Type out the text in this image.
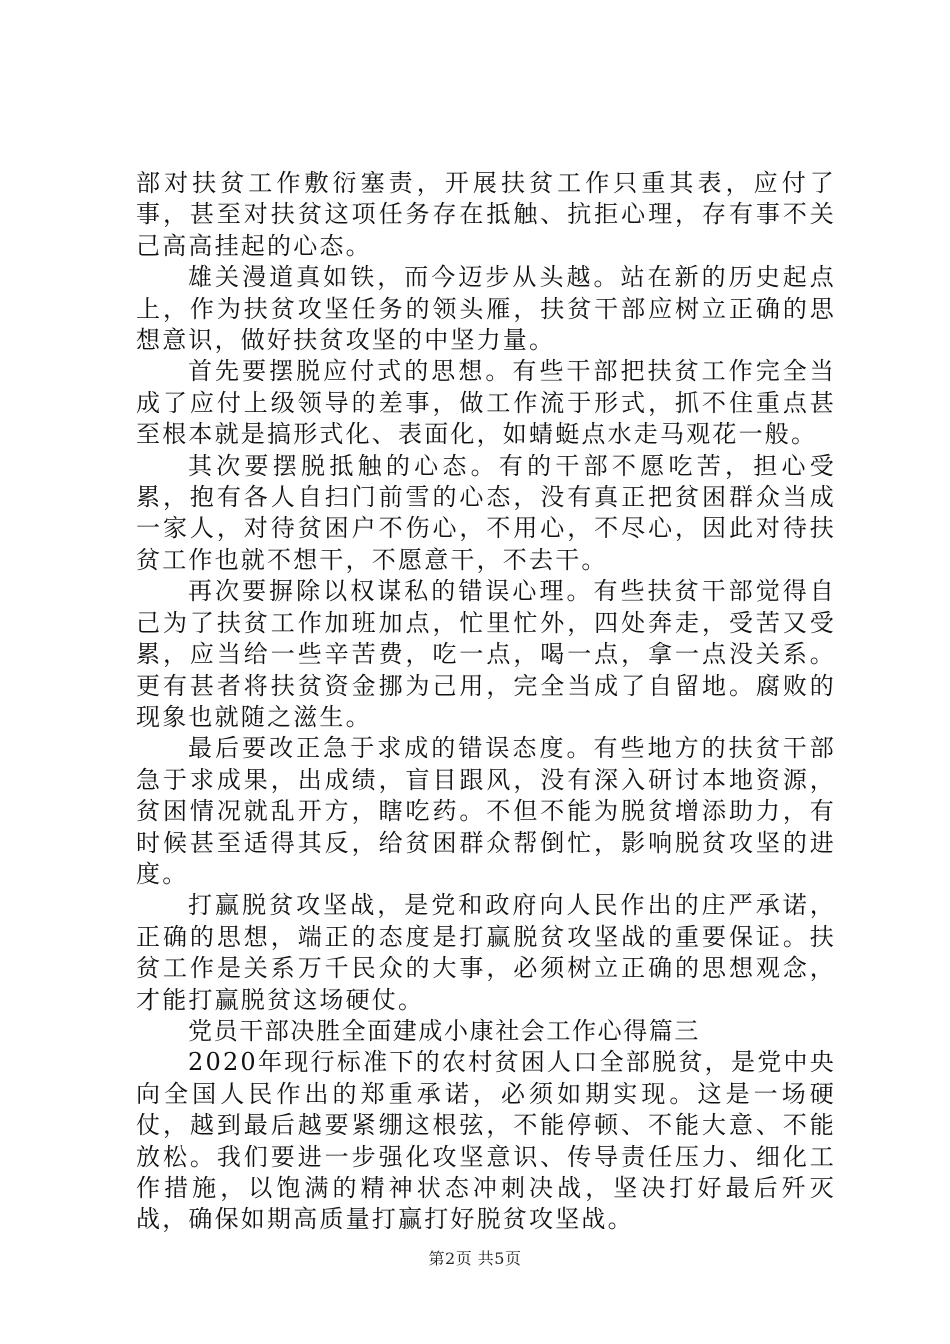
部对扶贫工作敷衍塞责，开展扶贫工作只重其表，应付了事，甚至对扶贫这项任务存在抵触、抗拒心理，存有事不关己高高挂起的心态。

雄关漫道真如铁，而今迈步从头越。站在新的历史起点上，作为扶贫攻坚任务的领头雁，扶贫干部应树立正确的思想意识，做好扶贫攻坚的中坚力量。

首先要摆脱应付式的思想。有些干部把扶贫工作完全当成了应付上级领导的差事，做工作流于形式，抓不住重点甚至根本就是搞形式化、表面化，如蜻蜓点水走马观花一般。

其次要摆脱抵触的心态。有的干部不愿吃苦，担心受累，抱有各人自扫门前雪的心态，没有真正把贫困群众当成一家人，对待贫困户不伤心，不用心，不尽心，因此对待扶贫工作也就不想干，不愿意干，不去干。

再次要摒除以权谋私的错误心理。有些扶贫干部觉得自己为了扶贫工作加班加点，忙里忙外，四处奔走，受苦又受累，应当给一些辛苦费，吃一点，喝一点，拿一点没关系。更有甚者将扶贫资金挪为己用，完全当成了自留地。腐败的现象也就随之滋生。

最后要改正急于求成的错误态度。有些地方的扶贫干部急于求成果，出成绩，盲目跟风，没有深入研讨本地资源，贫困情况就乱开方，瞎吃药。不但不能为脱贫增添助力，有时候甚至适得其反，给贫困群众帮倒忙，影响脱贫攻坚的进度。

打赢脱贫攻坚战，是党和政府向人民作出的庄严承诺，正确的思想，端正的态度是打赢脱贫攻坚战的重要保证。扶贫工作是关系万千民众的大事，必须树立正确的思想观念，才能打赢脱贫这场硬仗。

党员干部决胜全面建成小康社会工作心得篇三

2020年现行标准下的农村贫困人口全部脱贫，是党中央向全国人民作出的郑重承诺，必须如期实现。这是一场硬仗，越到最后越要紧绷这根弦，不能停顿、不能大意、不能放松。我们要进一步强化攻坚意识、传导责任压力、细化工作措施，以饱满的精神状态冲刺决战，坚决打好最后歼灭战，确保如期高质量打赢打好脱贫攻坚战。

第2页 共5页
